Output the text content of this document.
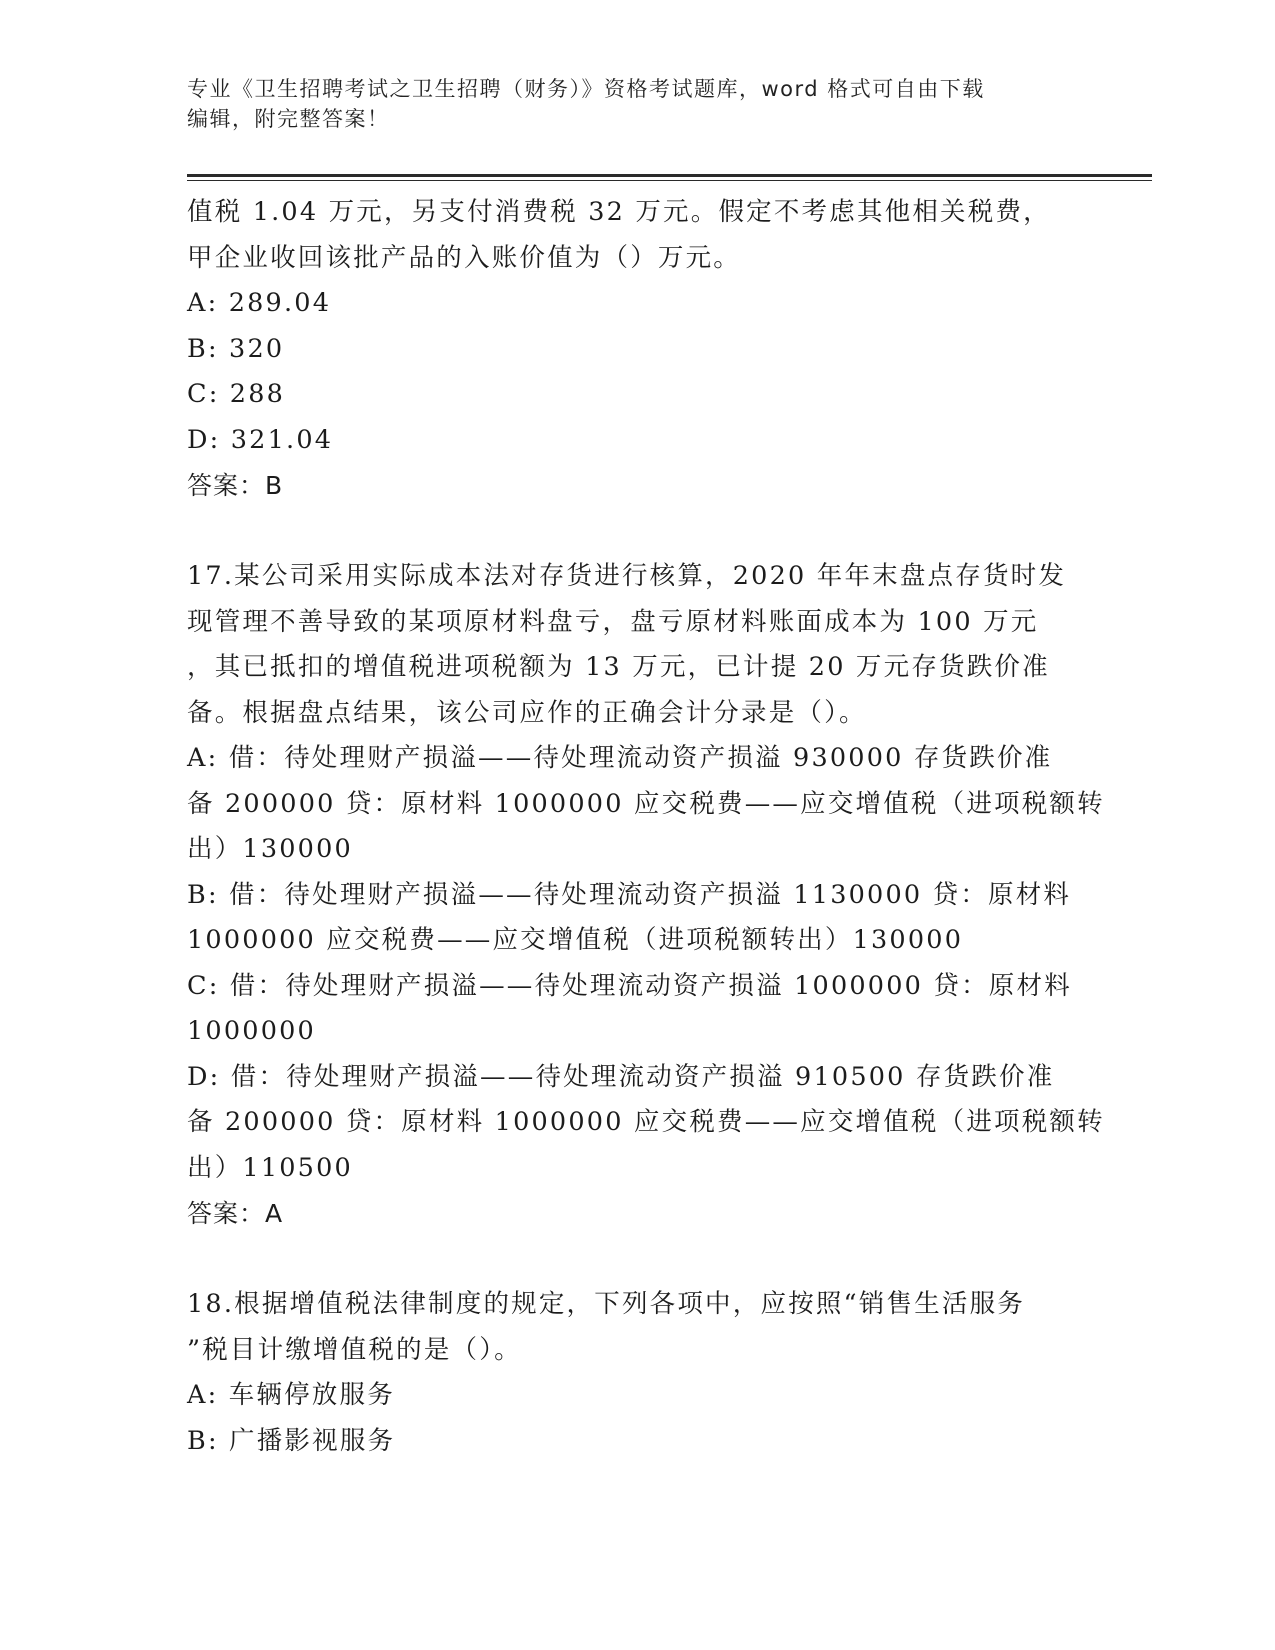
专业《卫生招聘考试之卫生招聘（财务）》资格考试题库，word 格式可自由下载
编辑，附完整答案！
值税 1.04 万元，另支付消费税 32 万元。假定不考虑其他相关税费，
甲企业收回该批产品的入账价值为（）万元。
A: 289.04
B: 320
C: 288
D: 321.04
答案：B
17.某公司采用实际成本法对存货进行核算，2020 年年末盘点存货时发
现管理不善导致的某项原材料盘亏，盘亏原材料账面成本为 100 万元
，其已抵扣的增值税进项税额为 13 万元，已计提 20 万元存货跌价准
备。根据盘点结果，该公司应作的正确会计分录是（）。
A: 借：待处理财产损溢——待处理流动资产损溢 930000 存货跌价准
备 200000 贷：原材料 1000000 应交税费——应交增值税（进项税额转
出）130000
B: 借：待处理财产损溢——待处理流动资产损溢 1130000 贷：原材料
1000000 应交税费——应交增值税（进项税额转出）130000
C: 借：待处理财产损溢——待处理流动资产损溢 1000000 贷：原材料
1000000
D: 借：待处理财产损溢——待处理流动资产损溢 910500 存货跌价准
备 200000 贷：原材料 1000000 应交税费——应交增值税（进项税额转
出）110500
答案：A
18.根据增值税法律制度的规定，下列各项中，应按照“销售生活服务
”税目计缴增值税的是（）。
A: 车辆停放服务
B: 广播影视服务
